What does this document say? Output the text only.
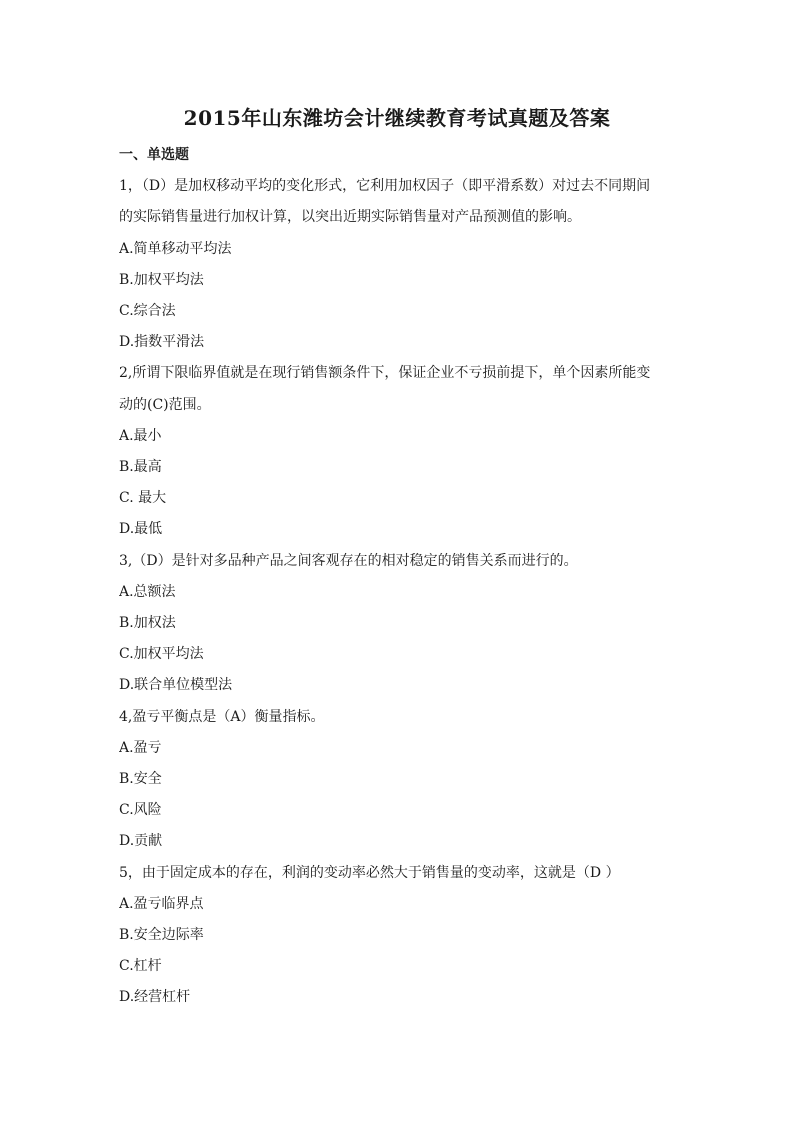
2015年山东潍坊会计继续教育考试真题及答案
一、单选题
1，（D）是加权移动平均的变化形式，它利用加权因子（即平滑系数）对过去不同期间
的实际销售量进行加权计算，以突出近期实际销售量对产品预测值的影响。
A.简单移动平均法
B.加权平均法
C.综合法
D.指数平滑法
2,所谓下限临界值就是在现行销售额条件下，保证企业不亏损前提下，单个因素所能变
动的(C)范围。
A.最小
B.最高
C. 最大
D.最低
3,（D）是针对多品种产品之间客观存在的相对稳定的销售关系而进行的。
A.总额法
B.加权法
C.加权平均法
D.联合单位模型法
4,盈亏平衡点是（A）衡量指标。
A.盈亏
B.安全
C.风险
D.贡献
5，由于固定成本的存在，利润的变动率必然大于销售量的变动率，这就是（D ）
A.盈亏临界点
B.安全边际率
C.杠杆
D.经营杠杆
